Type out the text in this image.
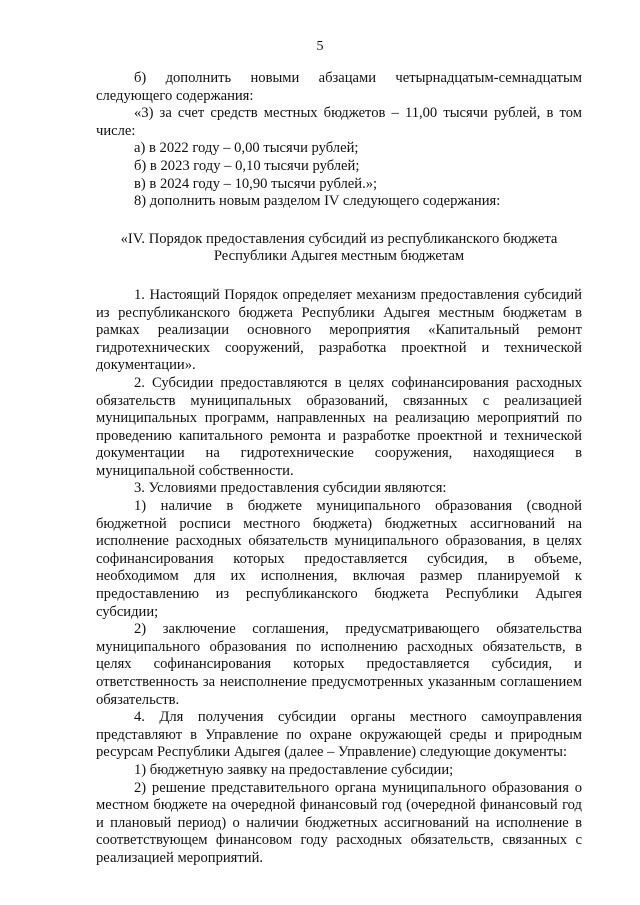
5

б) дополнить новыми абзацами четырнадцатым-семнадцатым следующего содержания:

«3) за счет средств местных бюджетов – 11,00 тысячи рублей, в том числе:

а) в 2022 году – 0,00 тысячи рублей;

б) в 2023 году – 0,10 тысячи рублей;

в) в 2024 году – 10,90 тысячи рублей.»;

8) дополнить новым разделом IV следующего содержания:

«IV. Порядок предоставления субсидий из республиканского бюджета
Республики Адыгея местным бюджетам

1. Настоящий Порядок определяет механизм предоставления субсидий из республиканского бюджета Республики Адыгея местным бюджетам в рамках реализации основного мероприятия «Капитальный ремонт гидротехнических сооружений, разработка проектной и технической документации».

2. Субсидии предоставляются в целях софинансирования расходных обязательств муниципальных образований, связанных с реализацией муниципальных программ, направленных на реализацию мероприятий по проведению капитального ремонта и разработке проектной и технической документации на гидротехнические сооружения, находящиеся в муниципальной собственности.

3. Условиями предоставления субсидии являются:

1) наличие в бюджете муниципального образования (сводной бюджетной росписи местного бюджета) бюджетных ассигнований на исполнение расходных обязательств муниципального образования, в целях софинансирования которых предоставляется субсидия, в объеме, необходимом для их исполнения, включая размер планируемой к предоставлению из республиканского бюджета Республики Адыгея субсидии;

2) заключение соглашения, предусматривающего обязательства муниципального образования по исполнению расходных обязательств, в целях софинансирования которых предоставляется субсидия, и ответственность за неисполнение предусмотренных указанным соглашением обязательств.

4. Для получения субсидии органы местного самоуправления представляют в Управление по охране окружающей среды и природным ресурсам Республики Адыгея (далее – Управление) следующие документы:

1) бюджетную заявку на предоставление субсидии;

2) решение представительного органа муниципального образования о местном бюджете на очередной финансовый год (очередной финансовый год и плановый период) о наличии бюджетных ассигнований на исполнение в соответствующем финансовом году расходных обязательств, связанных с реализацией мероприятий.
